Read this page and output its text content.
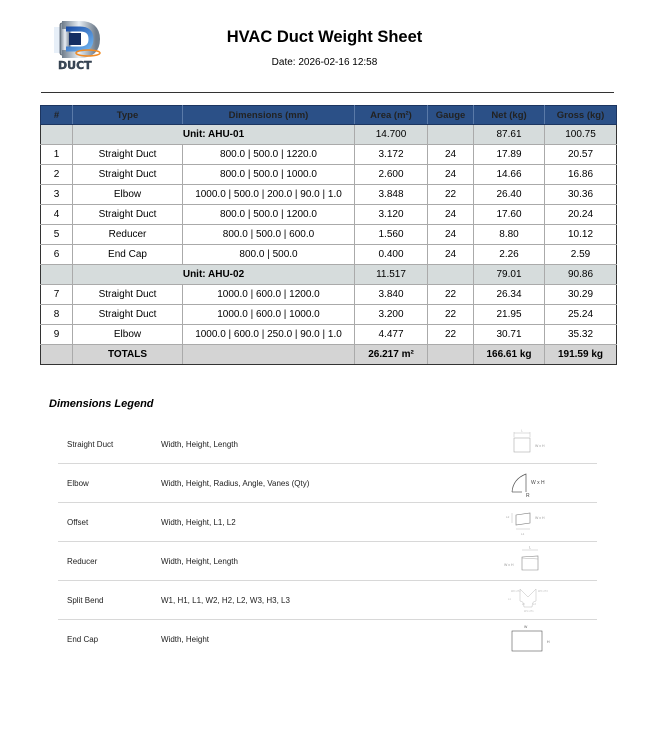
DUCT
HVAC Duct Weight Sheet
Date: 2026-02-16 12:58
#	Type	Dimensions (mm)	Area (m²)	Gauge	Net (kg)	Gross (kg)
	Unit: AHU-01		14.700		87.61	100.75
1	Straight Duct	800.0 | 500.0 | 1220.0	3.172	24	17.89	20.57
2	Straight Duct	800.0 | 500.0 | 1000.0	2.600	24	14.66	16.86
3	Elbow	1000.0 | 500.0 | 200.0 | 90.0 | 1.0	3.848	22	26.40	30.36
4	Straight Duct	800.0 | 500.0 | 1200.0	3.120	24	17.60	20.24
5	Reducer	800.0 | 500.0 | 600.0	1.560	24	8.80	10.12
6	End Cap	800.0 | 500.0	0.400	24	2.26	2.59
	Unit: AHU-02		11.517		79.01	90.86
7	Straight Duct	1000.0 | 600.0 | 1200.0	3.840	22	26.34	30.29
8	Straight Duct	1000.0 | 600.0 | 1000.0	3.200	22	21.95	25.24
9	Elbow	1000.0 | 600.0 | 250.0 | 90.0 | 1.0	4.477	22	30.71	35.32
	TOTALS		26.217 m²		166.61 kg	191.59 kg
Dimensions Legend
Straight Duct	Width, Height, Length
L
W x H
Elbow	Width, Height, Radius, Angle, Vanes (Qty)	W x H
R
Offset	Width, Height, L1, L2
L2	W x H
L1
Reducer	Width, Height, Length
L
W x H
Split Bend	W1, H1, L1, W2, H2, L2, W3, H3, L3
W2 x H2	W3 x H3
L1
L2	L3
W1 x H1
End Cap	Width, Height
W
H
